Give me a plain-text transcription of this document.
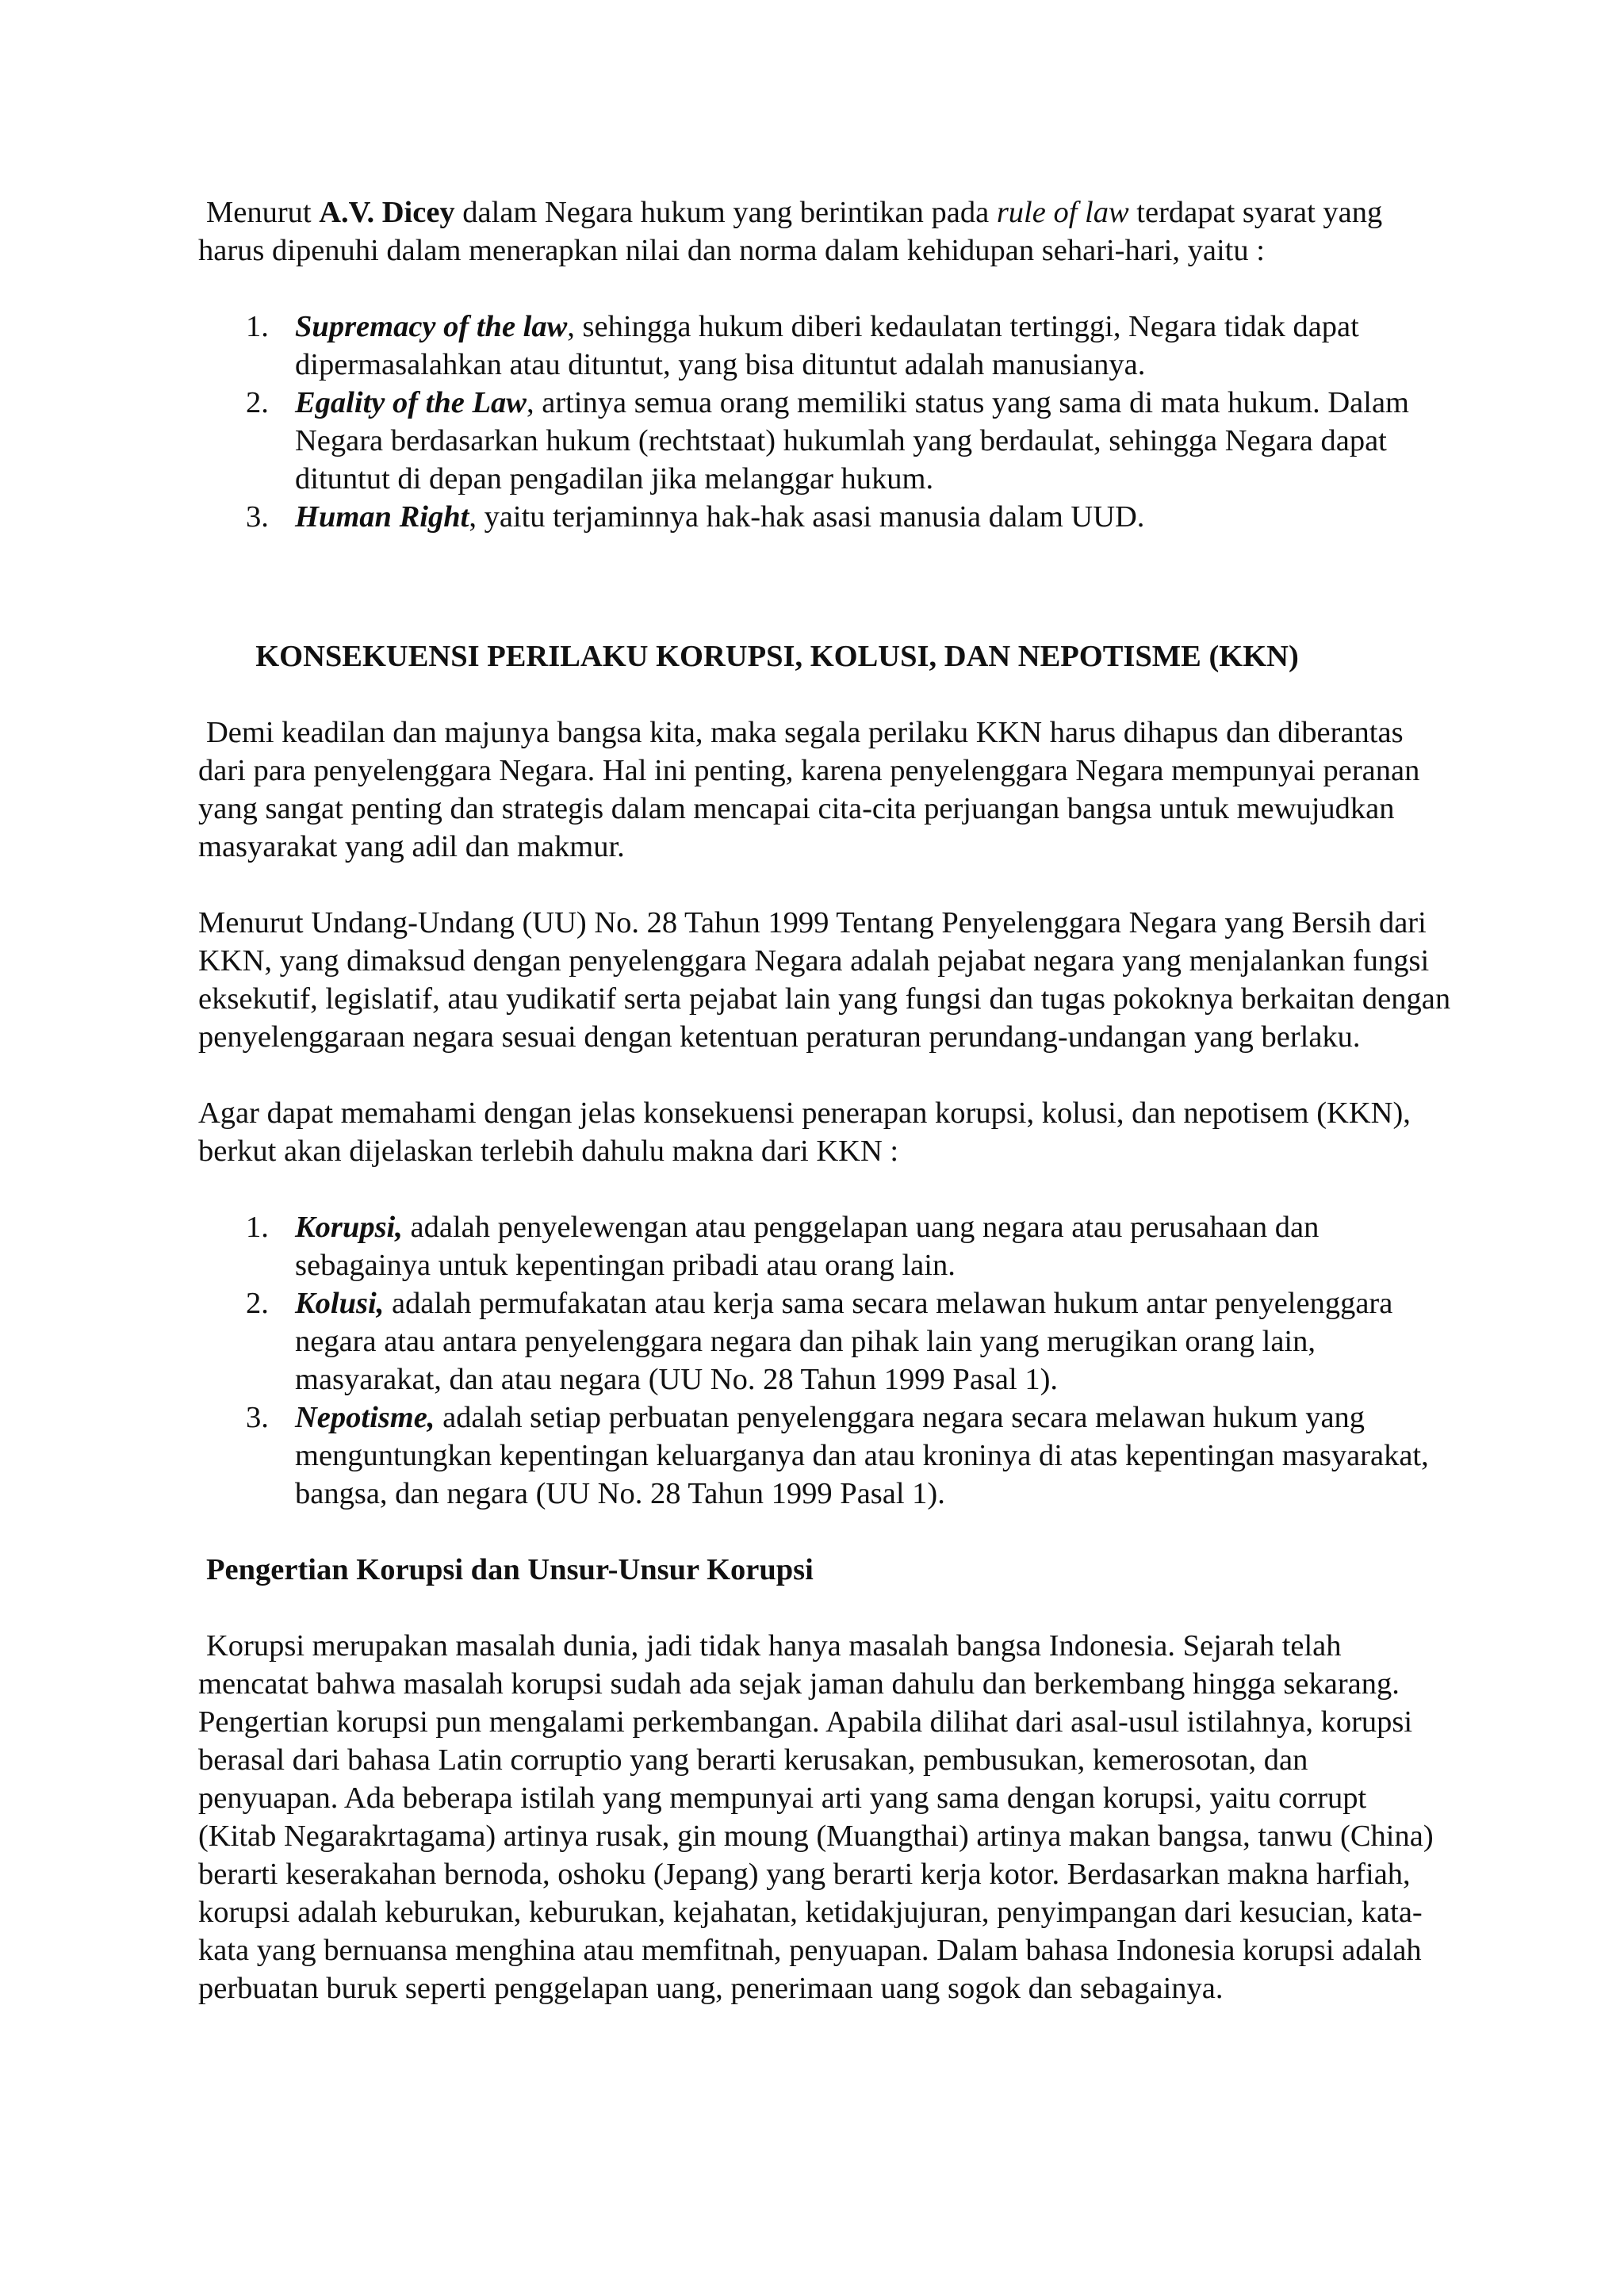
Menurut A.V. Dicey dalam Negara hukum yang berintikan pada rule of law terdapat syarat yang harus dipenuhi dalam menerapkan nilai dan norma dalam kehidupan sehari-hari, yaitu :

1. Supremacy of the law, sehingga hukum diberi kedaulatan tertinggi, Negara tidak dapat dipermasalahkan atau dituntut, yang bisa dituntut adalah manusianya.
2. Egality of the Law, artinya semua orang memiliki status yang sama di mata hukum. Dalam Negara berdasarkan hukum (rechtstaat) hukumlah yang berdaulat, sehingga Negara dapat dituntut di depan pengadilan jika melanggar hukum.
3. Human Right, yaitu terjaminnya hak-hak asasi manusia dalam UUD.

KONSEKUENSI PERILAKU KORUPSI, KOLUSI, DAN NEPOTISME (KKN)

Demi keadilan dan majunya bangsa kita, maka segala perilaku KKN harus dihapus dan diberantas dari para penyelenggara Negara. Hal ini penting, karena penyelenggara Negara mempunyai peranan yang sangat penting dan strategis dalam mencapai cita-cita perjuangan bangsa untuk mewujudkan masyarakat yang adil dan makmur.

Menurut Undang-Undang (UU) No. 28 Tahun 1999 Tentang Penyelenggara Negara yang Bersih dari KKN, yang dimaksud dengan penyelenggara Negara adalah pejabat negara yang menjalankan fungsi eksekutif, legislatif, atau yudikatif serta pejabat lain yang fungsi dan tugas pokoknya berkaitan dengan penyelenggaraan negara sesuai dengan ketentuan peraturan perundang-undangan yang berlaku.

Agar dapat memahami dengan jelas konsekuensi penerapan korupsi, kolusi, dan nepotisem (KKN), berkut akan dijelaskan terlebih dahulu makna dari KKN :

1. Korupsi, adalah penyelewengan atau penggelapan uang negara atau perusahaan dan sebagainya untuk kepentingan pribadi atau orang lain.
2. Kolusi, adalah permufakatan atau kerja sama secara melawan hukum antar penyelenggara negara atau antara penyelenggara negara dan pihak lain yang merugikan orang lain, masyarakat, dan atau negara (UU No. 28 Tahun 1999 Pasal 1).
3. Nepotisme, adalah setiap perbuatan penyelenggara negara secara melawan hukum yang menguntungkan kepentingan keluarganya dan atau kroninya di atas kepentingan masyarakat, bangsa, dan negara (UU No. 28 Tahun 1999 Pasal 1).

Pengertian Korupsi dan Unsur-Unsur Korupsi

Korupsi merupakan masalah dunia, jadi tidak hanya masalah bangsa Indonesia. Sejarah telah mencatat bahwa masalah korupsi sudah ada sejak jaman dahulu dan berkembang hingga sekarang. Pengertian korupsi pun mengalami perkembangan. Apabila dilihat dari asal-usul istilahnya, korupsi berasal dari bahasa Latin corruptio yang berarti kerusakan, pembusukan, kemerosotan, dan penyuapan. Ada beberapa istilah yang mempunyai arti yang sama dengan korupsi, yaitu corrupt (Kitab Negarakrtagama) artinya rusak, gin moung (Muangthai) artinya makan bangsa, tanwu (China) berarti keserakahan bernoda, oshoku (Jepang) yang berarti kerja kotor. Berdasarkan makna harfiah, korupsi adalah keburukan, keburukan, kejahatan, ketidakjujuran, penyimpangan dari kesucian, kata-kata yang bernuansa menghina atau memfitnah, penyuapan. Dalam bahasa Indonesia korupsi adalah perbuatan buruk seperti penggelapan uang, penerimaan uang sogok dan sebagainya.
